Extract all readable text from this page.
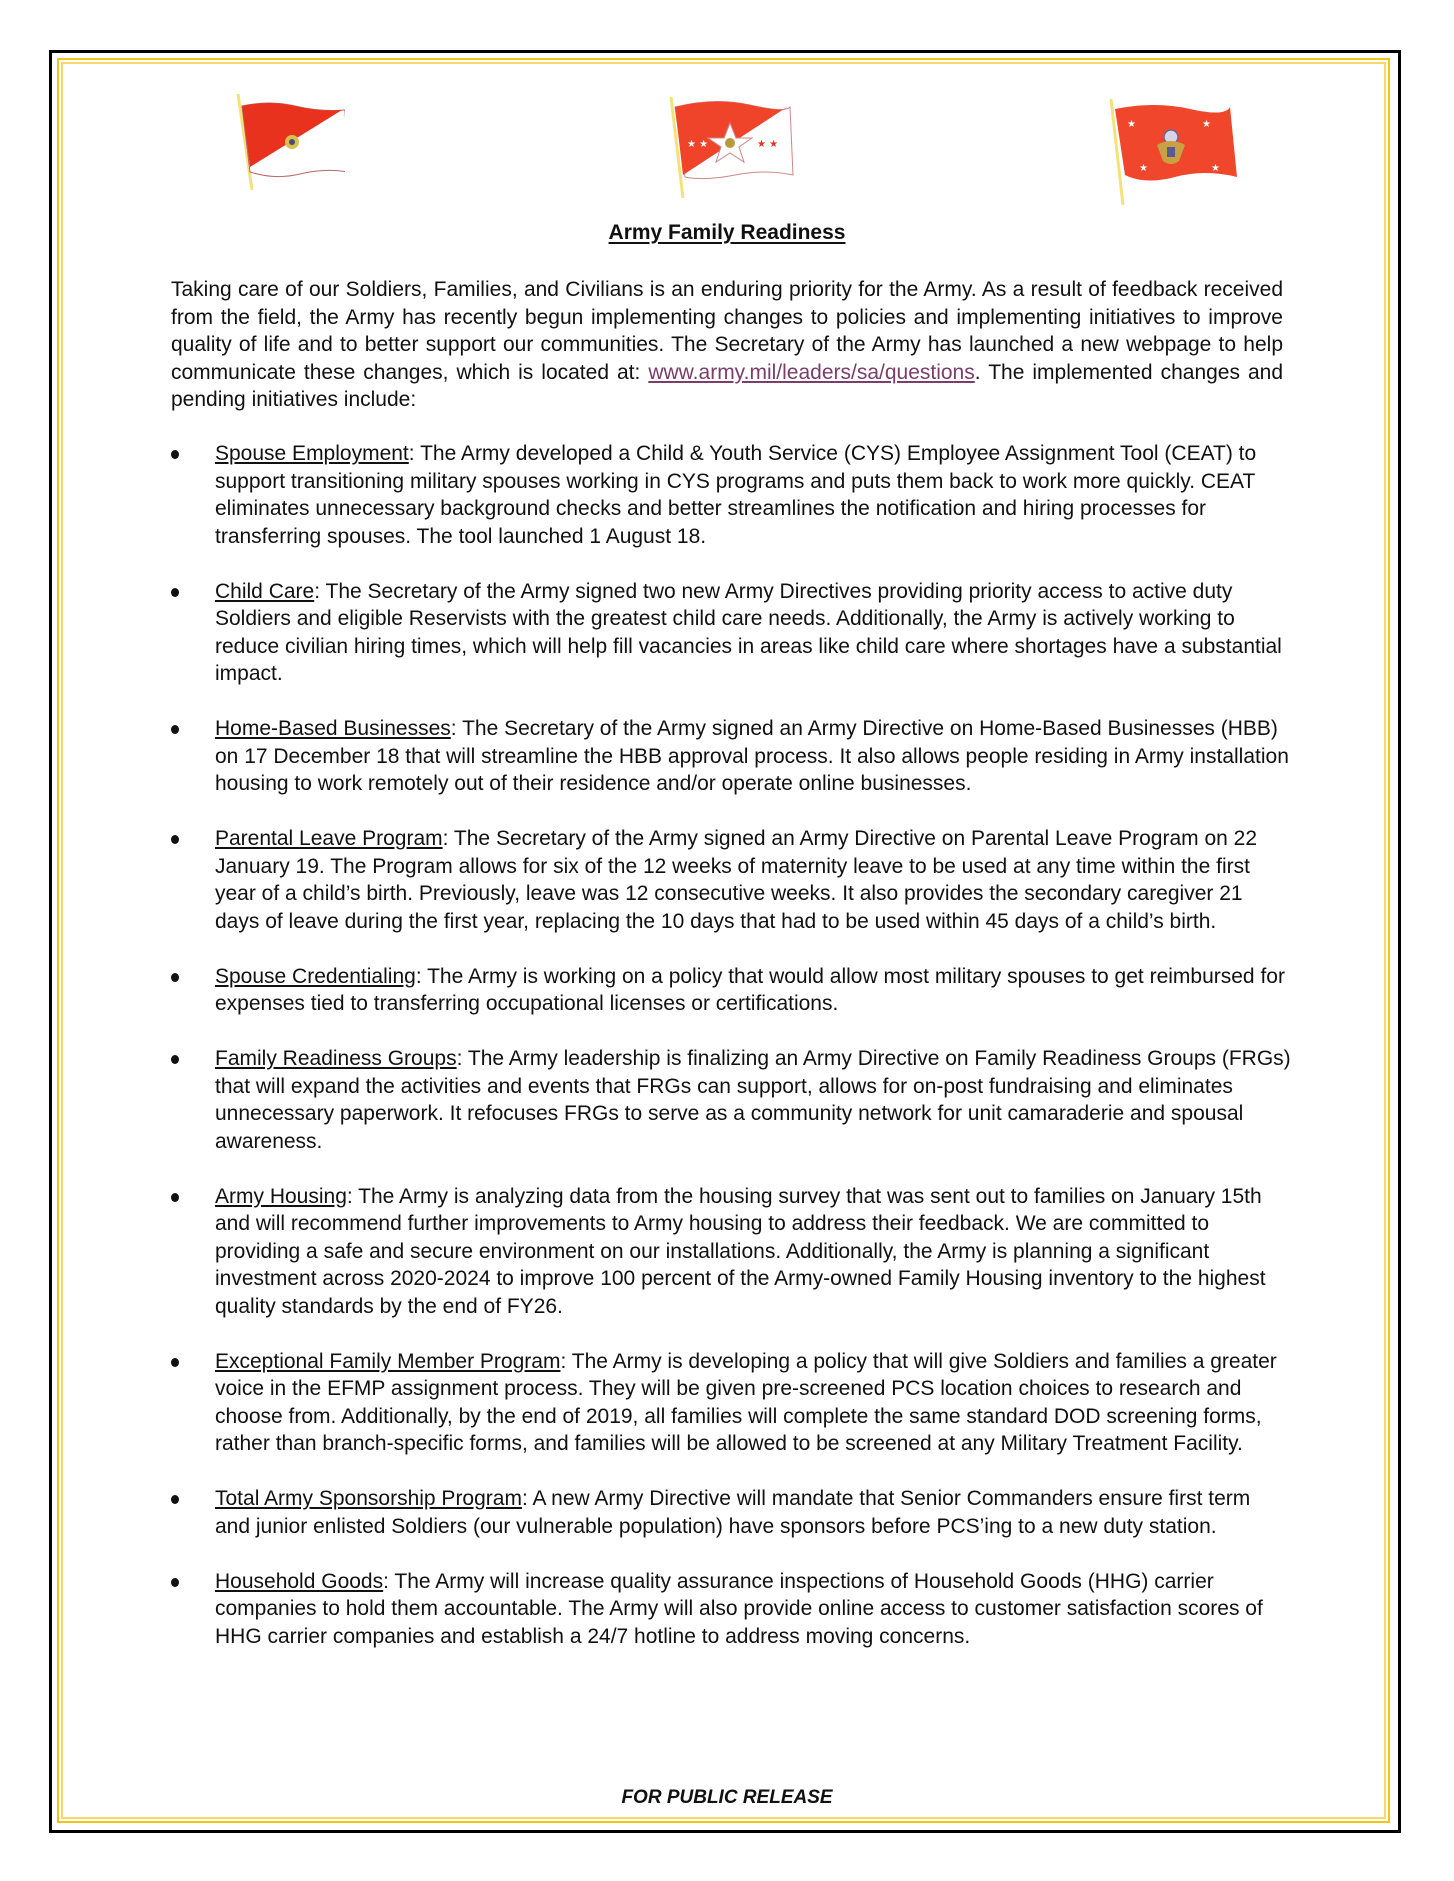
★ ★	★ ★
★	★
★	★
Army Family Readiness

Taking care of our Soldiers, Families, and Civilians is an enduring priority for the Army. As a result of feedback received from the field, the Army has recently begun implementing changes to policies and implementing initiatives to improve quality of life and to better support our communities. The Secretary of the Army has launched a new webpage to help communicate these changes, which is located at: www.army.mil/leaders/sa/questions. The implemented changes and pending initiatives include:

Spouse Employment: The Army developed a Child & Youth Service (CYS) Employee Assignment Tool (CEAT) to support transitioning military spouses working in CYS programs and puts them back to work more quickly. CEAT eliminates unnecessary background checks and better streamlines the notification and hiring processes for transferring spouses. The tool launched 1 August 18.
Child Care: The Secretary of the Army signed two new Army Directives providing priority access to active duty Soldiers and eligible Reservists with the greatest child care needs. Additionally, the Army is actively working to reduce civilian hiring times, which will help fill vacancies in areas like child care where shortages have a substantial impact.
Home-Based Businesses: The Secretary of the Army signed an Army Directive on Home-Based Businesses (HBB) on 17 December 18 that will streamline the HBB approval process. It also allows people residing in Army installation housing to work remotely out of their residence and/or operate online businesses.
Parental Leave Program: The Secretary of the Army signed an Army Directive on Parental Leave Program on 22 January 19. The Program allows for six of the 12 weeks of maternity leave to be used at any time within the first year of a child’s birth. Previously, leave was 12 consecutive weeks. It also provides the secondary caregiver 21 days of leave during the first year, replacing the 10 days that had to be used within 45 days of a child’s birth.
Spouse Credentialing: The Army is working on a policy that would allow most military spouses to get reimbursed for expenses tied to transferring occupational licenses or certifications.
Family Readiness Groups: The Army leadership is finalizing an Army Directive on Family Readiness Groups (FRGs) that will expand the activities and events that FRGs can support, allows for on-post fundraising and eliminates unnecessary paperwork. It refocuses FRGs to serve as a community network for unit camaraderie and spousal awareness.
Army Housing: The Army is analyzing data from the housing survey that was sent out to families on January 15th and will recommend further improvements to Army housing to address their feedback. We are committed to providing a safe and secure environment on our installations. Additionally, the Army is planning a significant investment across 2020-2024 to improve 100 percent of the Army-owned Family Housing inventory to the highest quality standards by the end of FY26.
Exceptional Family Member Program: The Army is developing a policy that will give Soldiers and families a greater voice in the EFMP assignment process. They will be given pre-screened PCS location choices to research and choose from. Additionally, by the end of 2019, all families will complete the same standard DOD screening forms, rather than branch-specific forms, and families will be allowed to be screened at any Military Treatment Facility.
Total Army Sponsorship Program: A new Army Directive will mandate that Senior Commanders ensure first term and junior enlisted Soldiers (our vulnerable population) have sponsors before PCS’ing to a new duty station.
Household Goods: The Army will increase quality assurance inspections of Household Goods (HHG) carrier companies to hold them accountable. The Army will also provide online access to customer satisfaction scores of HHG carrier companies and establish a 24/7 hotline to address moving concerns.
FOR PUBLIC RELEASE
